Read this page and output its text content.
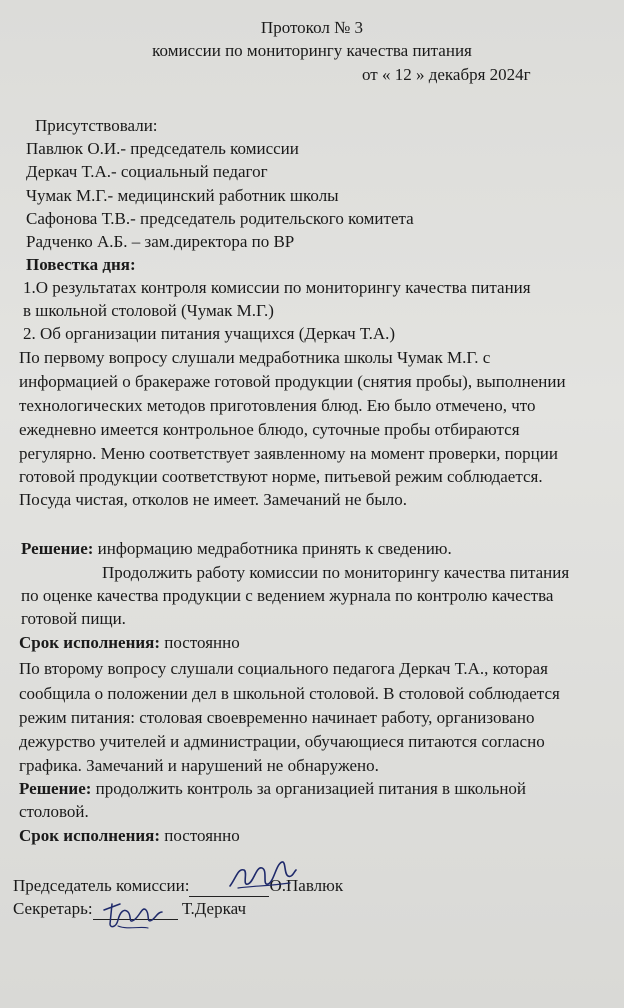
Протокол № 3
комиссии по мониторингу качества питания
от « 12 » декабря 2024г
Присутствовали:
Павлюк О.И.- председатель комиссии
Деркач Т.А.- социальный педагог
Чумак М.Г.- медицинский работник школы
Сафонова Т.В.- председатель родительского комитета
Радченко А.Б. – зам.директора по ВР
Повестка дня:
1.О результатах контроля комиссии по мониторингу качества питания
в школьной столовой (Чумак М.Г.)
2. Об организации питания учащихся (Деркач Т.А.)
По первому вопросу слушали медработника школы Чумак М.Г. с
информацией о бракераже готовой продукции (снятия пробы), выполнении
технологических методов приготовления блюд. Ею было отмечено, что
ежедневно имеется контрольное блюдо, суточные пробы отбираются
регулярно. Меню соответствует заявленному на момент проверки, порции
готовой продукции соответствуют норме, питьевой режим соблюдается.
Посуда чистая, отколов не имеет. Замечаний не было.
Решение: информацию медработника принять к сведению.
Продолжить работу комиссии по мониторингу качества питания
по оценке качества продукции с ведением журнала по контролю качества
готовой пищи.
Срок исполнения: постоянно
По второму вопросу слушали социального педагога Деркач Т.А., которая
сообщила о положении дел в школьной столовой. В столовой соблюдается
режим питания: столовая своевременно начинает работу, организовано
дежурство учителей и администрации, обучающиеся питаются согласно
графика. Замечаний и нарушений не обнаружено.
Решение: продолжить контроль за организацией питания в школьной
столовой.
Срок исполнения: постоянно
Председатель комиссии:	О.Павлюк
Секретарь:	Т.Деркач
